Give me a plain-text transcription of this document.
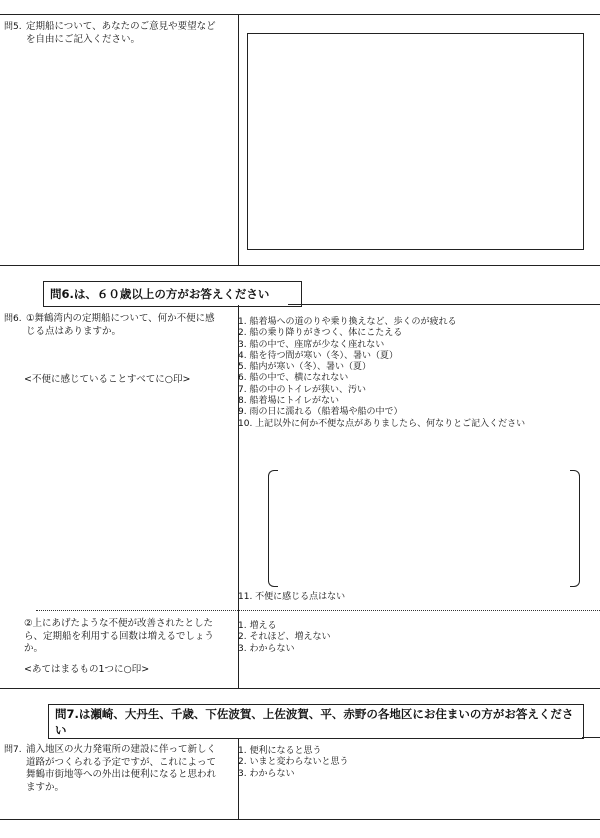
問5. 定期船について、あなたのご意見や要望などを自由にご記入ください。
問6.は、６０歳以上の方がお答えください
問6. ①舞鶴湾内の定期船について、何か不便に感じる点はありますか。
<不便に感じていることすべてに○印>
1. 船着場への道のりや乗り換えなど、歩くのが疲れる
2. 船の乗り降りがきつく、体にこたえる
3. 船の中で、座席が少なく座れない
4. 船を待つ間が寒い（冬）、暑い（夏）
5. 船内が寒い（冬）、暑い（夏）
6. 船の中で、横になれない
7. 船の中のトイレが狭い、汚い
8. 船着場にトイレがない
9. 雨の日に濡れる（船着場や船の中で）
10. 上記以外に何か不便な点がありましたら、何なりとご記入ください
11. 不便に感じる点はない
②上にあげたような不便が改善されたとしたら、定期船を利用する回数は増えるでしょうか。
<あてはまるもの1つに○印>
1. 増える
2. それほど、増えない
3. わからない
問7.は瀬崎、大丹生、千歳、下佐波賀、上佐波賀、平、赤野の各地区にお住まいの方がお答えください
問7. 浦入地区の火力発電所の建設に伴って新しく道路がつくられる予定ですが、これによって舞鶴市街地等への外出は便利になると思われますか。
1. 便利になると思う
2. いまと変わらないと思う
3. わからない
